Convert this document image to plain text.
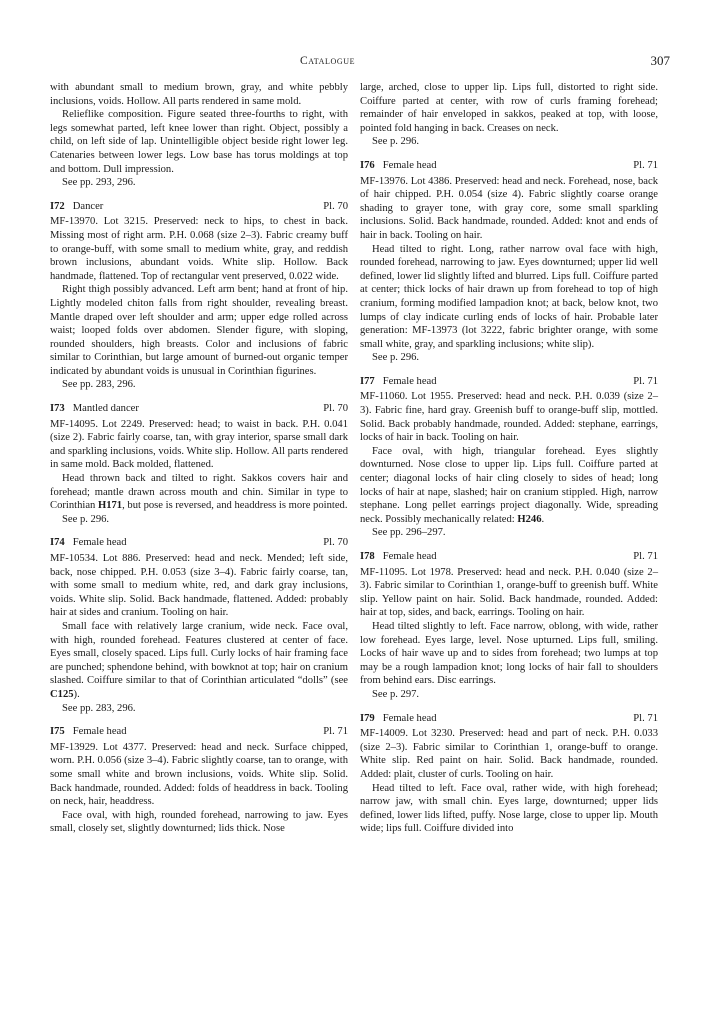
Catalogue	307

with abundant small to medium brown, gray, and white pebbly inclusions, voids. Hollow. All parts rendered in same mold.

Relieflike composition. Figure seated three-fourths to right, with legs somewhat parted, left knee lower than right. Object, possibly a child, on left side of lap. Unintelligible object beside right lower leg. Catenaries between lower legs. Low base has torus moldings at top and bottom. Dull impression.

See pp. 293, 296.

I72 Dancer	Pl. 70

MF-13970. Lot 3215. Preserved: neck to hips, to chest in back. Missing most of right arm. P.H. 0.068 (size 2–3). Fabric creamy buff to orange-buff, with some small to medium white, gray, and reddish brown inclusions, abundant voids. White slip. Hollow. Back handmade, flattened. Top of rectangular vent preserved, 0.022 wide.

Right thigh possibly advanced. Left arm bent; hand at front of hip. Lightly modeled chiton falls from right shoulder, revealing breast. Mantle draped over left shoulder and arm; upper edge rolled across waist; looped folds over abdomen. Slender figure, with sloping, rounded shoulders, high breasts. Color and inclusions of fabric similar to Corinthian, but large amount of burned-out organic temper indicated by abundant voids is unusual in Corinthian figurines.

See pp. 283, 296.

I73 Mantled dancer	Pl. 70

MF-14095. Lot 2249. Preserved: head; to waist in back. P.H. 0.041 (size 2). Fabric fairly coarse, tan, with gray interior, sparse small dark and sparkling inclusions, voids. White slip. Hollow. All parts rendered in same mold. Back molded, flattened.

Head thrown back and tilted to right. Sakkos covers hair and forehead; mantle drawn across mouth and chin. Similar in type to Corinthian H171, but pose is reversed, and headdress is more pointed.

See p. 296.

I74 Female head	Pl. 70

MF-10534. Lot 886. Preserved: head and neck. Mended; left side, back, nose chipped. P.H. 0.053 (size 3–4). Fabric fairly coarse, tan, with some small to medium white, red, and dark gray inclusions, voids. White slip. Solid. Back handmade, flattened. Added: probably hair at sides and cranium. Tooling on hair.

Small face with relatively large cranium, wide neck. Face oval, with high, rounded forehead. Features clustered at center of face. Eyes small, closely spaced. Lips full. Curly locks of hair framing face are punched; sphendone behind, with bowknot at top; hair on cranium slashed. Coiffure similar to that of Corinthian articulated “dolls” (see C125).

See pp. 283, 296.

I75 Female head	Pl. 71

MF-13929. Lot 4377. Preserved: head and neck. Surface chipped, worn. P.H. 0.056 (size 3–4). Fabric slightly coarse, tan to orange, with some small white and brown inclusions, voids. White slip. Solid. Back handmade, rounded. Added: folds of headdress in back. Tooling on neck, hair, headdress.

Face oval, with high, rounded forehead, narrowing to jaw. Eyes small, closely set, slightly downturned; lids thick. Nose

large, arched, close to upper lip. Lips full, distorted to right side. Coiffure parted at center, with row of curls framing forehead; remainder of hair enveloped in sakkos, peaked at top, with loose, pointed fold hanging in back. Creases on neck.

See p. 296.

I76 Female head	Pl. 71

MF-13976. Lot 4386. Preserved: head and neck. Forehead, nose, back of hair chipped. P.H. 0.054 (size 4). Fabric slightly coarse orange shading to grayer tone, with gray core, some small sparkling inclusions. Solid. Back handmade, rounded. Added: knot and ends of hair in back. Tooling on hair.

Head tilted to right. Long, rather narrow oval face with high, rounded forehead, narrowing to jaw. Eyes downturned; upper lid well defined, lower lid slightly lifted and blurred. Lips full. Coiffure parted at center; thick locks of hair drawn up from forehead to top of high cranium, forming modified lampadion knot; at back, below knot, two lumps of clay indicate curling ends of locks of hair. Probable later generation: MF-13973 (lot 3222, fabric brighter orange, with some small white, gray, and sparkling inclusions; white slip).

See p. 296.

I77 Female head	Pl. 71

MF-11060. Lot 1955. Preserved: head and neck. P.H. 0.039 (size 2–3). Fabric fine, hard gray. Greenish buff to orange-buff slip, mottled. Solid. Back probably handmade, rounded. Added: stephane, earrings, locks of hair in back. Tooling on hair.

Face oval, with high, triangular forehead. Eyes slightly downturned. Nose close to upper lip. Lips full. Coiffure parted at center; diagonal locks of hair cling closely to sides of head; long locks of hair at nape, slashed; hair on cranium stippled. High, narrow stephane. Long pellet earrings project diagonally. Wide, spreading neck. Possibly mechanically related: H246.

See pp. 296–297.

I78 Female head	Pl. 71

MF-11095. Lot 1978. Preserved: head and neck. P.H. 0.040 (size 2–3). Fabric similar to Corinthian 1, orange-buff to greenish buff. White slip. Yellow paint on hair. Solid. Back handmade, rounded. Added: hair at top, sides, and back, earrings. Tooling on hair.

Head tilted slightly to left. Face narrow, oblong, with wide, rather low forehead. Eyes large, level. Nose upturned. Lips full, smiling. Locks of hair wave up and to sides from forehead; two lumps at top may be a rough lampadion knot; long locks of hair fall to shoulders from behind ears. Disc earrings.

See p. 297.

I79 Female head	Pl. 71

MF-14009. Lot 3230. Preserved: head and part of neck. P.H. 0.033 (size 2–3). Fabric similar to Corinthian 1, orange-buff to orange. White slip. Red paint on hair. Solid. Back handmade, rounded. Added: plait, cluster of curls. Tooling on hair.

Head tilted to left. Face oval, rather wide, with high forehead; narrow jaw, with small chin. Eyes large, downturned; upper lids defined, lower lids lifted, puffy. Nose large, close to upper lip. Mouth wide; lips full. Coiffure divided into
